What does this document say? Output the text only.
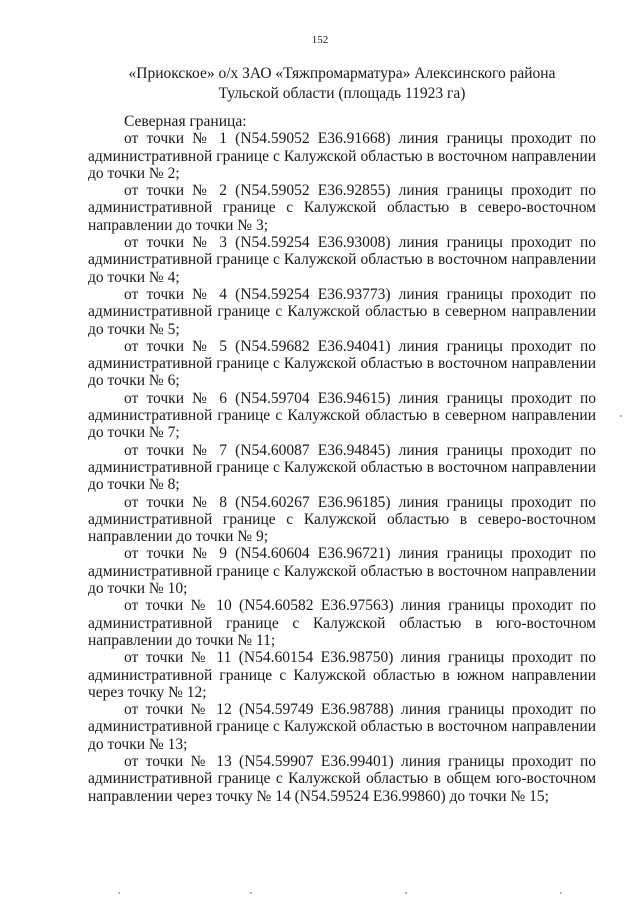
152
«Приокское» о/х ЗАО «Тяжпромарматура» Алексинского района
Тульской области (площадь 11923 га)
Северная граница:
от точки № 1 (N54.59052 E36.91668) линия границы проходит по административной границе с Калужской областью в восточном направлении до точки № 2;
от точки № 2 (N54.59052 E36.92855) линия границы проходит по административной границе с Калужской областью в северо-восточном направлении до точки № 3;
от точки № 3 (N54.59254 E36.93008) линия границы проходит по административной границе с Калужской областью в восточном направлении до точки № 4;
от точки № 4 (N54.59254 E36.93773) линия границы проходит по административной границе с Калужской областью в северном направлении до точки № 5;
от точки № 5 (N54.59682 E36.94041) линия границы проходит по административной границе с Калужской областью в восточном направлении до точки № 6;
от точки № 6 (N54.59704 E36.94615) линия границы проходит по административной границе с Калужской областью в северном направлении до точки № 7;
от точки № 7 (N54.60087 E36.94845) линия границы проходит по административной границе с Калужской областью в восточном направлении до точки № 8;
от точки № 8 (N54.60267 E36.96185) линия границы проходит по административной границе с Калужской областью в северо-восточном направлении до точки № 9;
от точки № 9 (N54.60604 E36.96721) линия границы проходит по административной границе с Калужской областью в восточном направлении до точки № 10;
от точки № 10 (N54.60582 E36.97563) линия границы проходит по административной границе с Калужской областью в юго-восточном направлении до точки № 11;
от точки № 11 (N54.60154 E36.98750) линия границы проходит по административной границе с Калужской областью в южном направлении через точку № 12;
от точки № 12 (N54.59749 E36.98788) линия границы проходит по административной границе с Калужской областью в восточном направлении до точки № 13;
от точки № 13 (N54.59907 E36.99401) линия границы проходит по административной границе с Калужской областью в общем юго-восточном направлении через точку № 14 (N54.59524 E36.99860) до точки № 15;
